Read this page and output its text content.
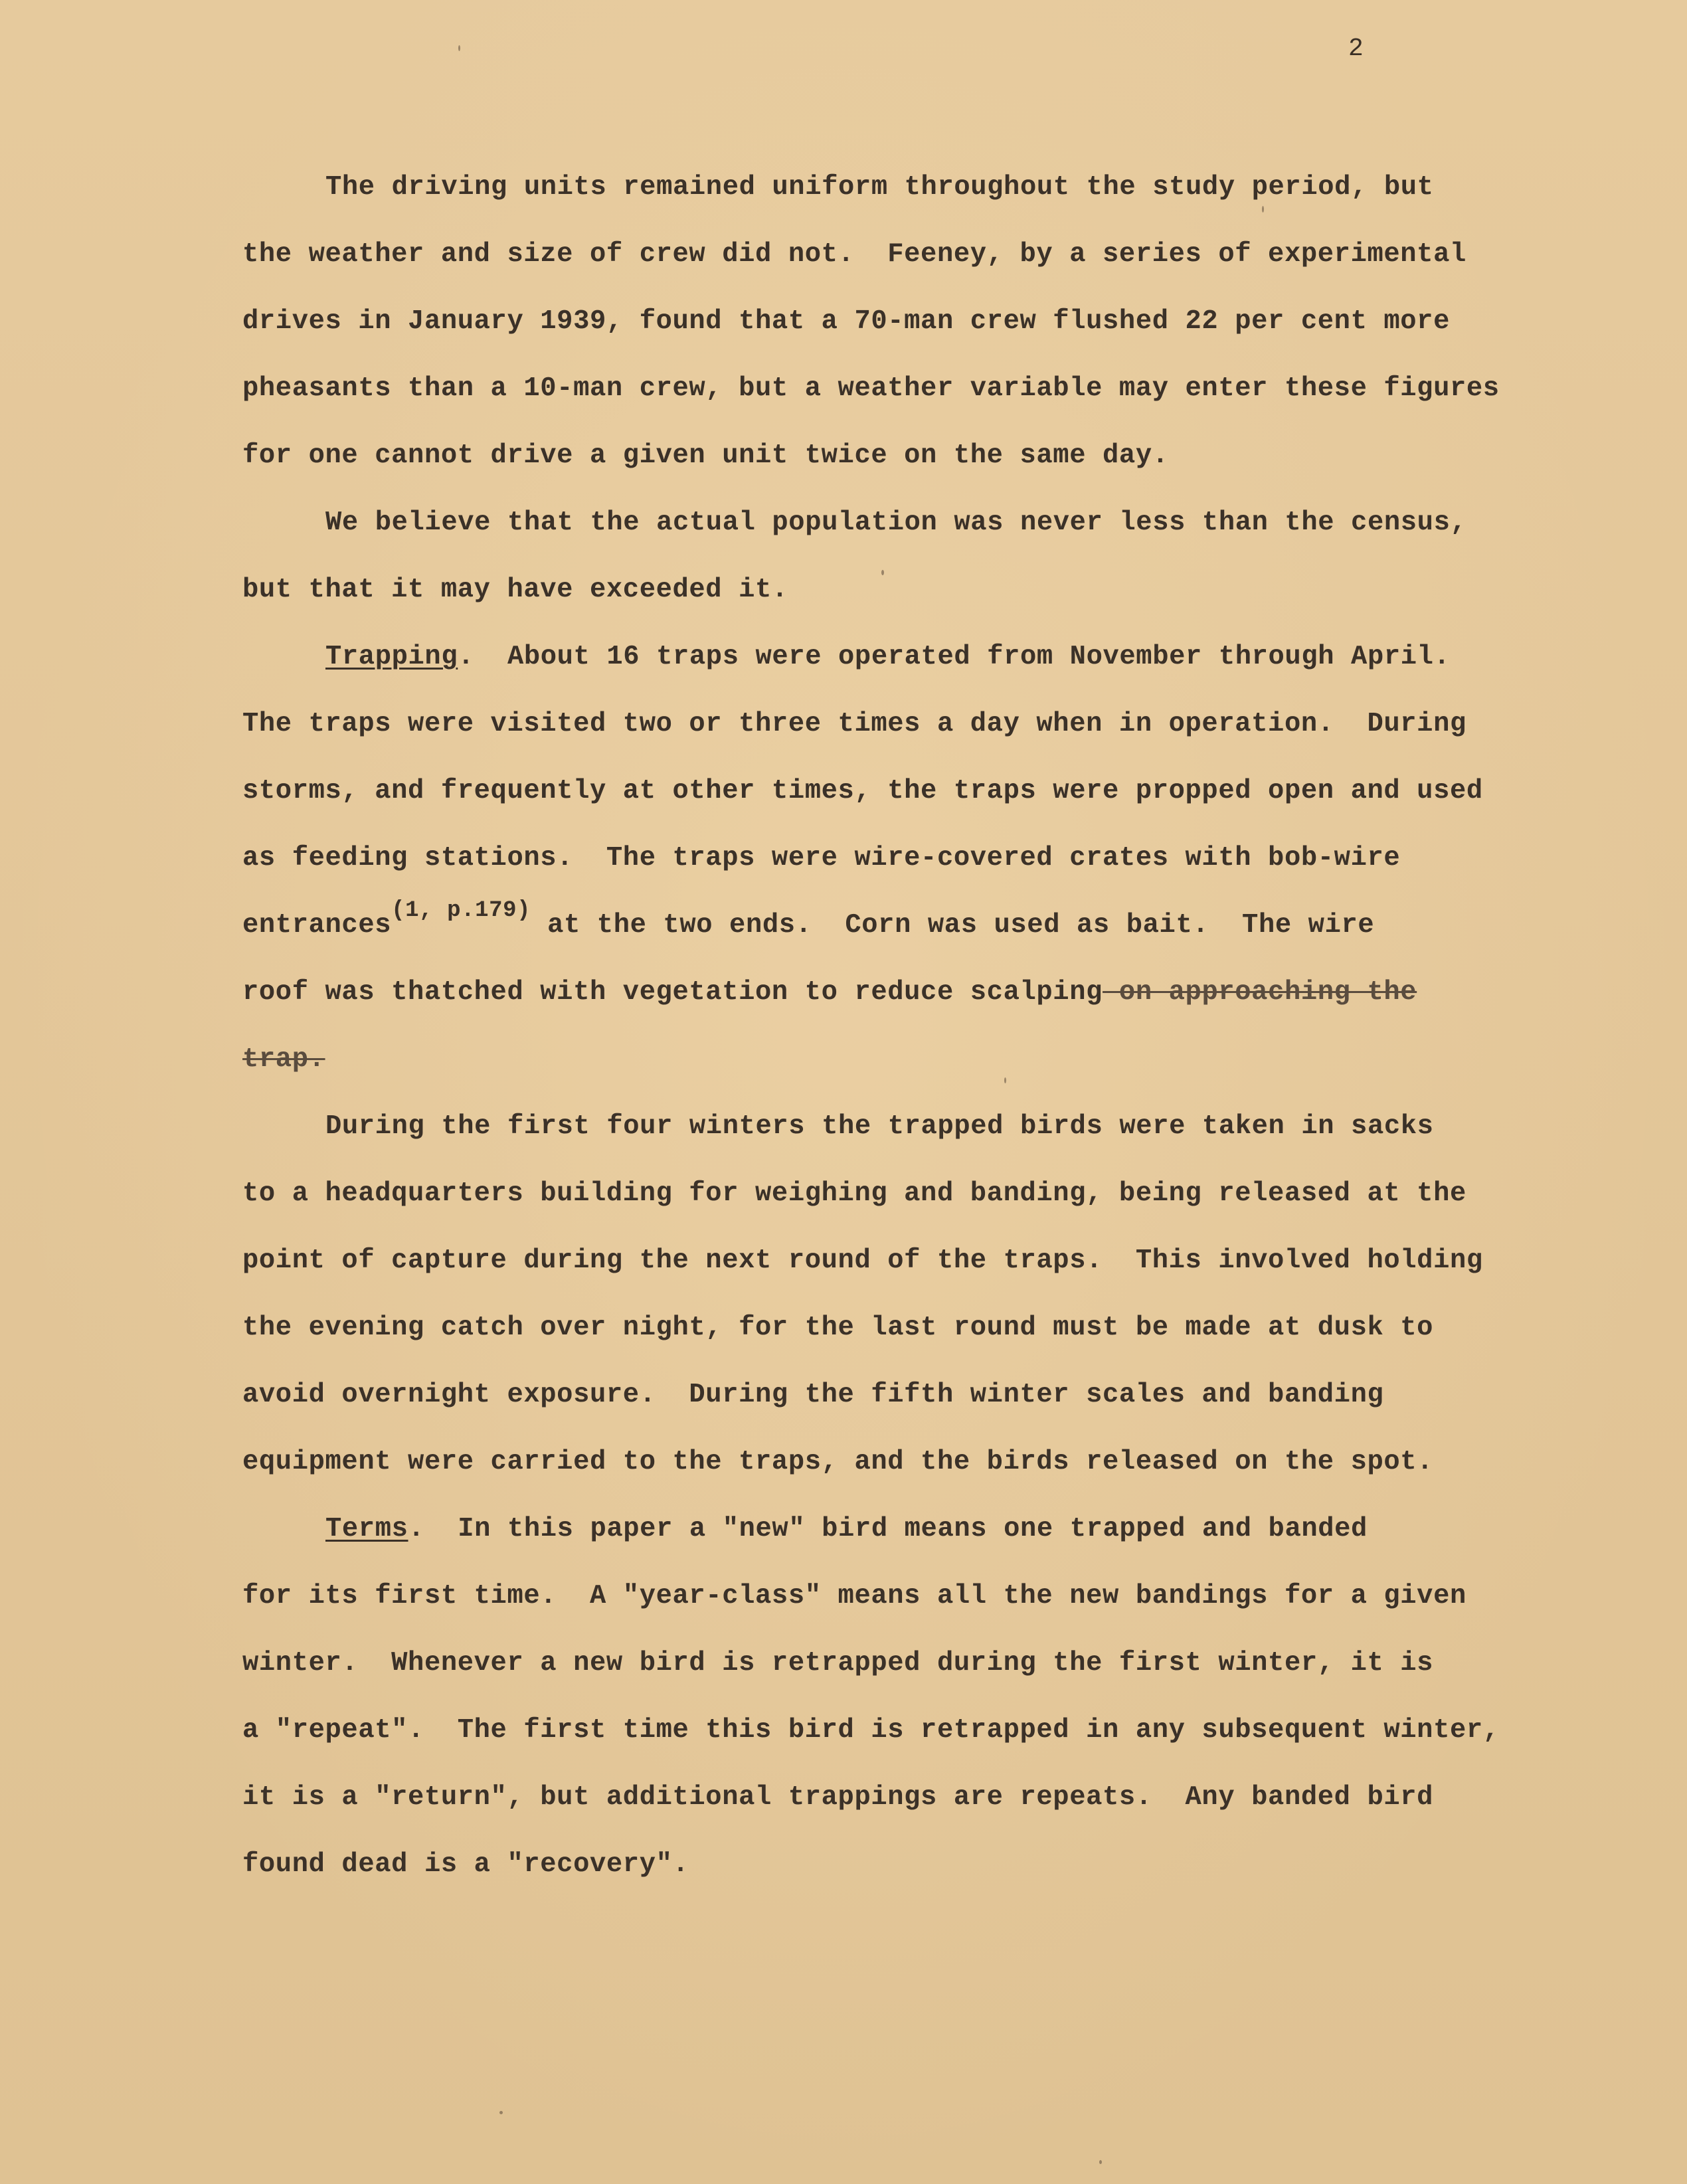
2
The driving units remained uniform throughout the study period, but
the weather and size of crew did not.  Feeney, by a series of experimental
drives in January 1939, found that a 70-man crew flushed 22 per cent more
pheasants than a 10-man crew, but a weather variable may enter these figures
for one cannot drive a given unit twice on the same day.
We believe that the actual population was never less than the census,
but that it may have exceeded it.
Trapping.  About 16 traps were operated from November through April.
The traps were visited two or three times a day when in operation.  During
storms, and frequently at other times, the traps were propped open and used
as feeding stations.  The traps were wire-covered crates with bob-wire
entrances$^{(1, p.179)}$ at the two ends.  Corn was used as bait.  The wire
roof was thatched with vegetation to reduce scalping on approaching the
trap.
During the first four winters the trapped birds were taken in sacks
to a headquarters building for weighing and banding, being released at the
point of capture during the next round of the traps.  This involved holding
the evening catch over night, for the last round must be made at dusk to
avoid overnight exposure.  During the fifth winter scales and banding
equipment were carried to the traps, and the birds released on the spot.
Terms.  In this paper a "new" bird means one trapped and banded
for its first time.  A "year-class" means all the new bandings for a given
winter.  Whenever a new bird is retrapped during the first winter, it is
a "repeat".  The first time this bird is retrapped in any subsequent winter,
it is a "return", but additional trappings are repeats.  Any banded bird
found dead is a "recovery".
